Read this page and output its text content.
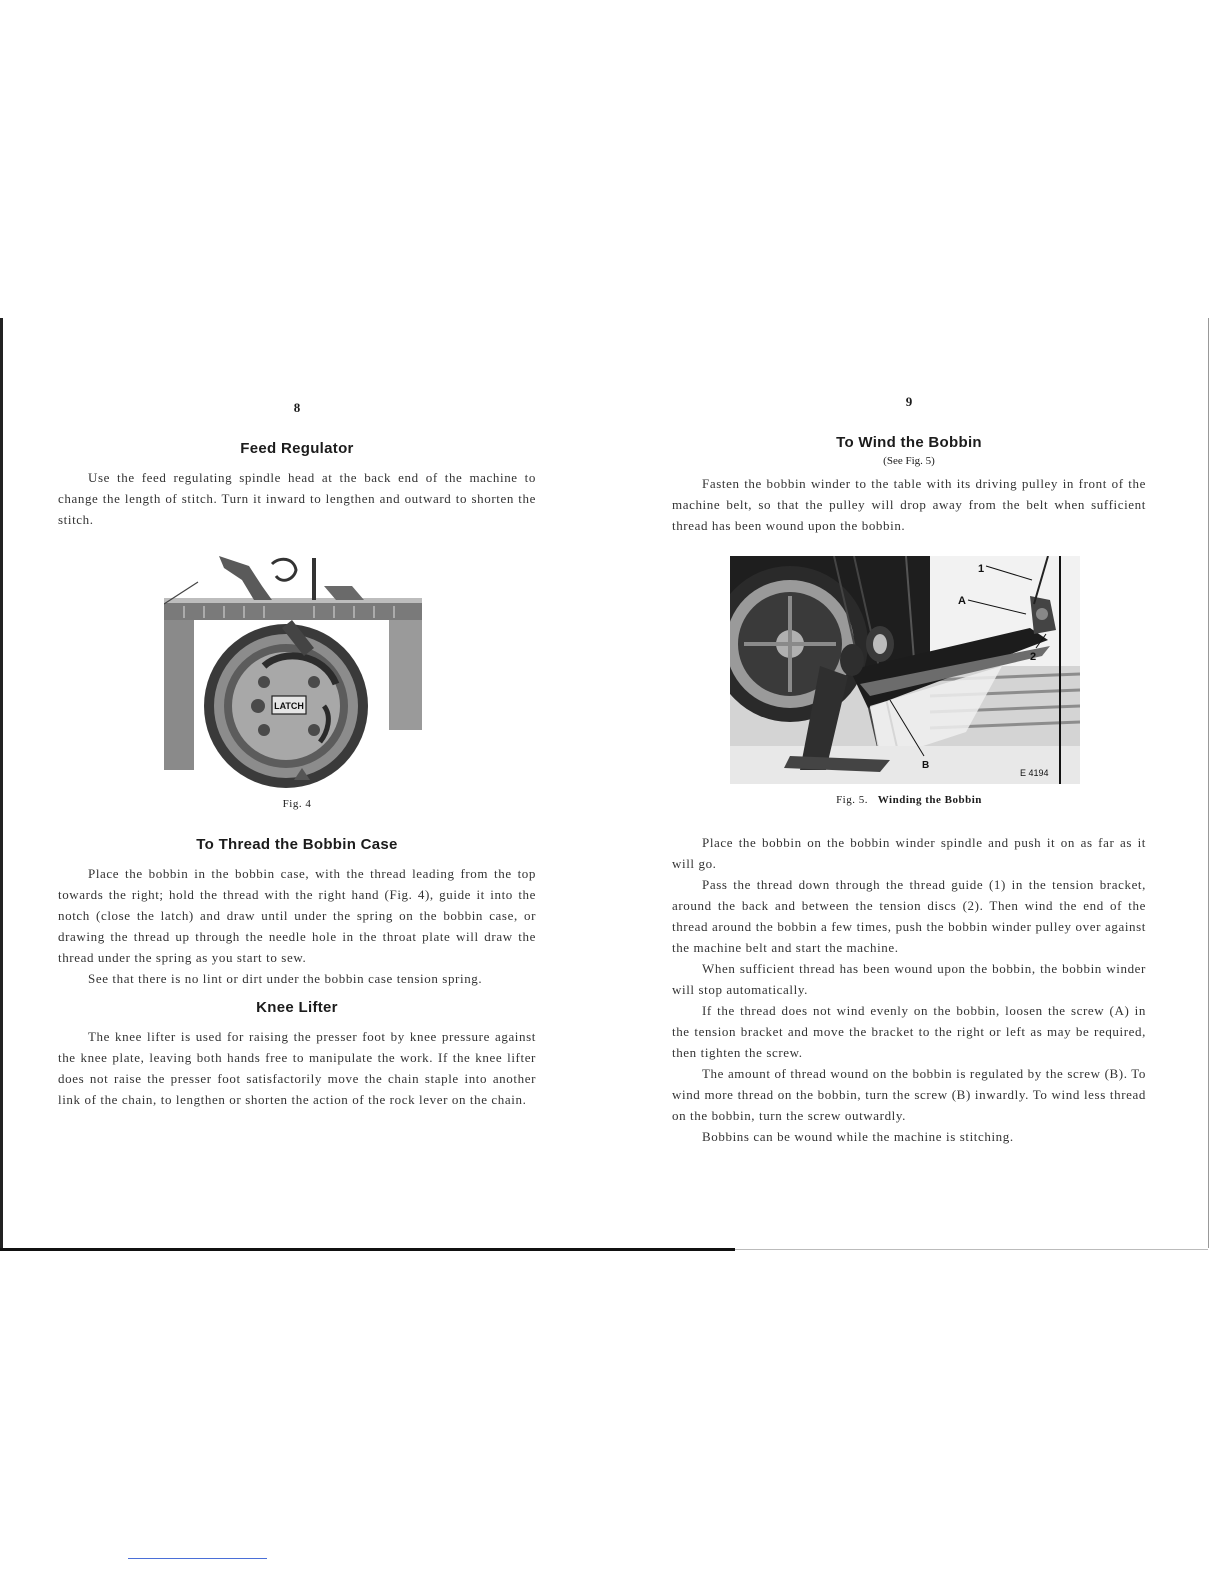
8
Feed Regulator

Use the feed regulating spindle head at the back end of the machine to change the length of stitch. Turn it inward to lengthen and outward to shorten the stitch.

LATCH
Fig. 4
To Thread the Bobbin Case

Place the bobbin in the bobbin case, with the thread leading from the top towards the right; hold the thread with the right hand (Fig. 4), guide it into the notch (close the latch) and draw until under the spring on the bobbin case, or drawing the thread up through the needle hole in the throat plate will draw the thread under the spring as you start to sew.

See that there is no lint or dirt under the bobbin case tension spring.

Knee Lifter

The knee lifter is used for raising the presser foot by knee pressure against the knee plate, leaving both hands free to manipulate the work. If the knee lifter does not raise the presser foot satisfactorily move the chain staple into another link of the chain, to lengthen or shorten the action of the rock lever on the chain.

9
To Wind the Bobbin
(See Fig. 5)

Fasten the bobbin winder to the table with its driving pulley in front of the machine belt, so that the pulley will drop away from the belt when sufficient thread has been wound upon the bobbin.

1
A
2
B
E 4194
Fig. 5. Winding the Bobbin

Place the bobbin on the bobbin winder spindle and push it on as far as it will go.

Pass the thread down through the thread guide (1) in the tension bracket, around the back and between the tension discs (2). Then wind the end of the thread around the bobbin a few times, push the bobbin winder pulley over against the machine belt and start the machine.

When sufficient thread has been wound upon the bobbin, the bobbin winder will stop automatically.

If the thread does not wind evenly on the bobbin, loosen the screw (A) in the tension bracket and move the bracket to the right or left as may be required, then tighten the screw.

The amount of thread wound on the bobbin is regulated by the screw (B). To wind more thread on the bobbin, turn the screw (B) inwardly. To wind less thread on the bobbin, turn the screw outwardly.

Bobbins can be wound while the machine is stitching.
